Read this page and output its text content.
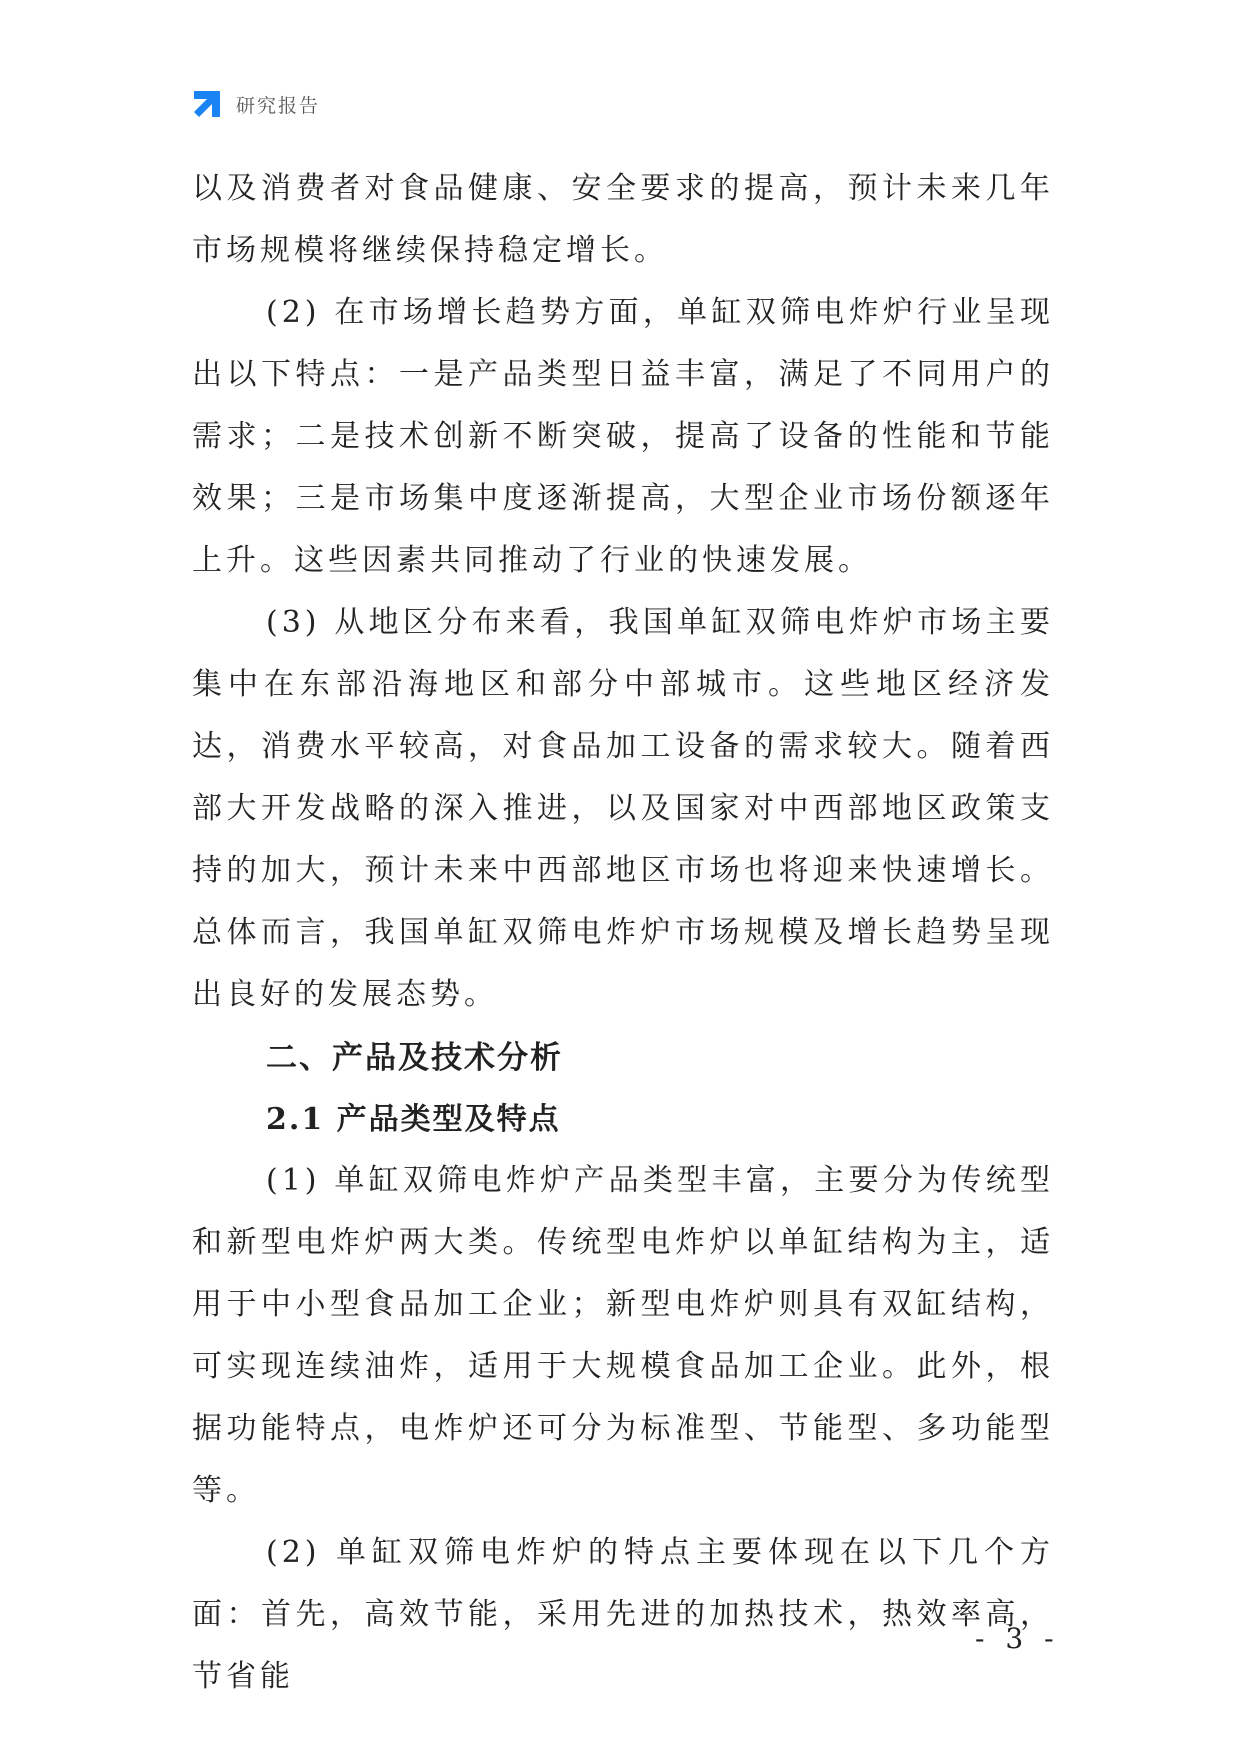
研究报告

以及消费者对食品健康、安全要求的提高，预计未来几年市场规模将继续保持稳定增长。

(2) 在市场增长趋势方面，单缸双筛电炸炉行业呈现出以下特点：一是产品类型日益丰富，满足了不同用户的需求；二是技术创新不断突破，提高了设备的性能和节能效果；三是市场集中度逐渐提高，大型企业市场份额逐年上升。这些因素共同推动了行业的快速发展。

(3) 从地区分布来看，我国单缸双筛电炸炉市场主要集中在东部沿海地区和部分中部城市。这些地区经济发达，消费水平较高，对食品加工设备的需求较大。随着西部大开发战略的深入推进，以及国家对中西部地区政策支持的加大，预计未来中西部地区市场也将迎来快速增长。总体而言，我国单缸双筛电炸炉市场规模及增长趋势呈现出良好的发展态势。

二、产品及技术分析
2.1 产品类型及特点

(1) 单缸双筛电炸炉产品类型丰富，主要分为传统型和新型电炸炉两大类。传统型电炸炉以单缸结构为主，适用于中小型食品加工企业；新型电炸炉则具有双缸结构，可实现连续油炸，适用于大规模食品加工企业。此外，根据功能特点，电炸炉还可分为标准型、节能型、多功能型等。

(2) 单缸双筛电炸炉的特点主要体现在以下几个方面：首先，高效节能，采用先进的加热技术，热效率高，节省能

- 3 -
